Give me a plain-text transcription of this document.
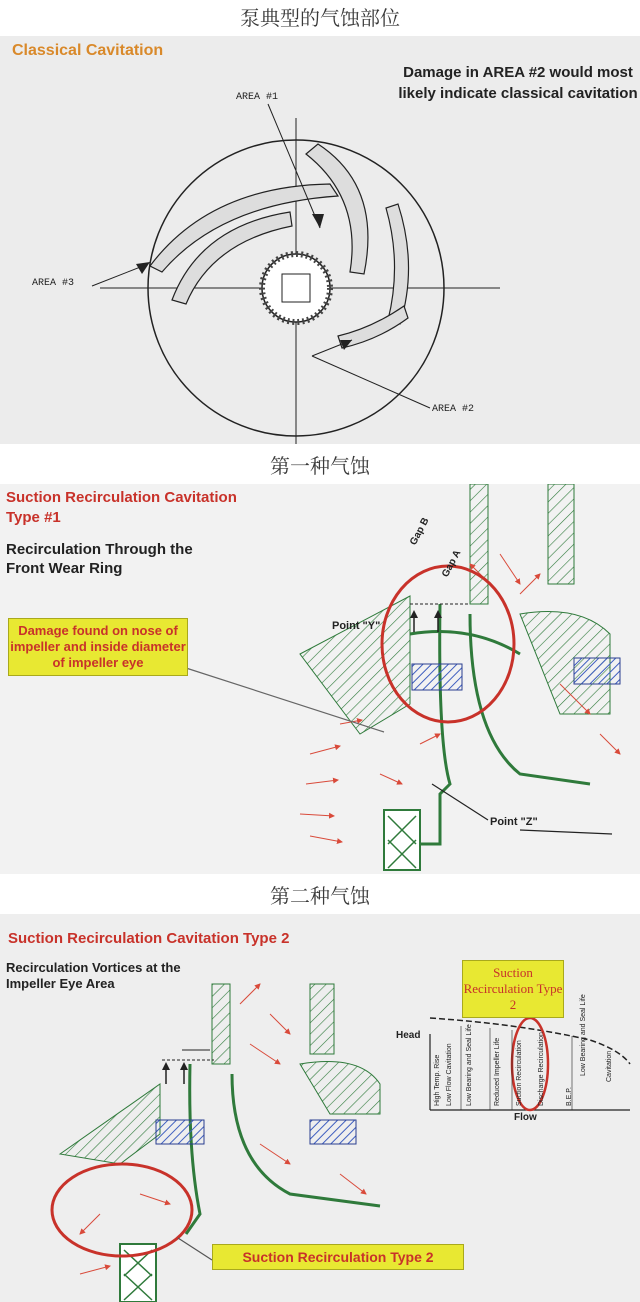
泵典型的气蚀部位
Classical Cavitation
Damage in AREA #2 would most likely indicate classical cavitation
AREA #1
AREA #3
AREA #2
第一种气蚀
Suction Recirculation Cavitation
Type #1
Recirculation Through the
Front Wear Ring
Damage found on nose of impeller and inside diameter of impeller eye
Gap B
Gap A
Point "Y"
Point "Z"
第二种气蚀
Suction Recirculation Cavitation Type 2
Recirculation Vortices at the
Impeller Eye Area
Suction Recirculation Type 2
Head
Flow
High Temp. Rise Low Flow Cavitation Low Bearing and Seal Life	Reduced Impeller Life Suction Recirculation Discharge Recirculation	B.E.P.
Low Bearing and Seal Life	Cavitation
Suction Recirculation Type 2
